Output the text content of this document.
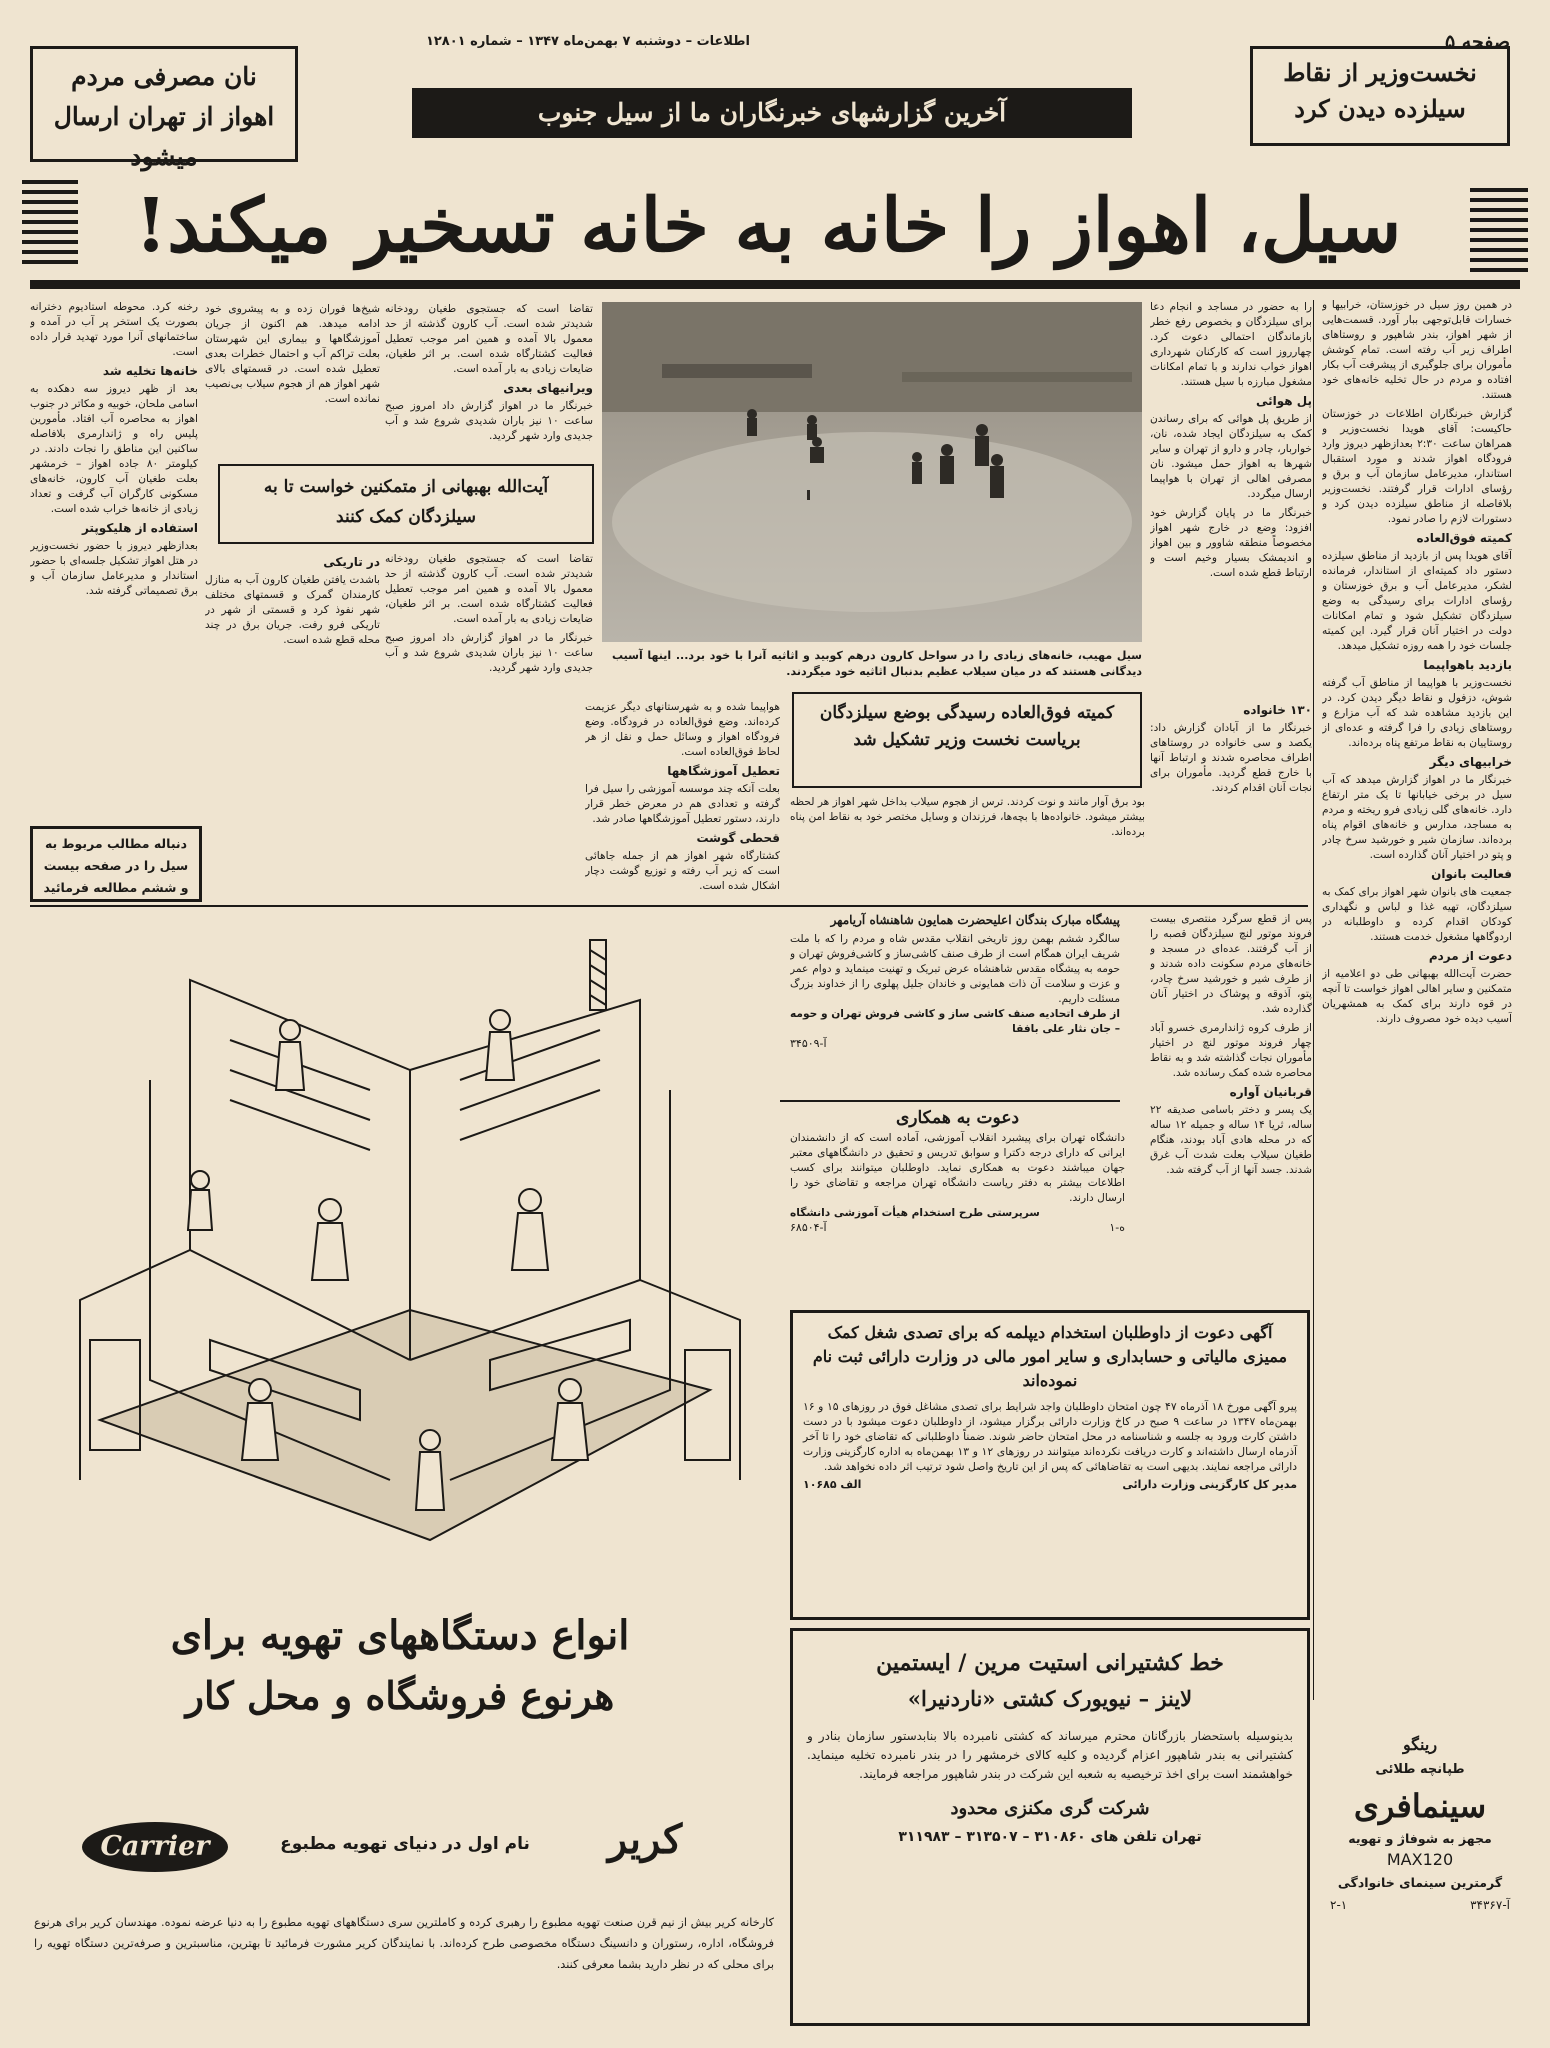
صفحه ۵
اطلاعات – دوشنبه ۷ بهمن‌ماه ۱۳۴۷ – شماره ۱۲۸۰۱
نخست‌وزیر از نقاط سیلزده دیدن کرد
نان مصرفی مردم اهواز از تهران ارسال میشود
آخرین گزارشهای خبرنگاران ما از سیل جنوب
سیل، اهواز را خانه به خانه تسخیر میکند!

در همین روز سیل در خوزستان، خرابیها و خسارات قابل‌توجهی ببار آورد. قسمت‌هایی از شهر اهواز، بندر شاهپور و روستاهای اطراف زیر آب رفته است. تمام کوشش مأموران برای جلوگیری از پیشرفت آب بکار افتاده و مردم در حال تخلیه خانه‌های خود هستند.

گزارش خبرنگاران اطلاعات در خوزستان حاکیست: آقای هویدا نخست‌وزیر و همراهان ساعت ۲:۳۰ بعدازظهر دیروز وارد فرودگاه اهواز شدند و مورد استقبال استاندار، مدیرعامل سازمان آب و برق و رؤسای ادارات قرار گرفتند. نخست‌وزیر بلافاصله از مناطق سیلزده دیدن کرد و دستورات لازم را صادر نمود.

کمیته فوق‌العاده

آقای هویدا پس از بازدید از مناطق سیلزده دستور داد کمیته‌ای از استاندار، فرمانده لشکر، مدیرعامل آب و برق خوزستان و رؤسای ادارات برای رسیدگی به وضع سیلزدگان تشکیل شود و تمام امکانات دولت در اختیار آنان قرار گیرد. این کمیته جلسات خود را همه روزه تشکیل میدهد.

بازدید باهواپیما

نخست‌وزیر با هواپیما از مناطق آب گرفته شوش، دزفول و نقاط دیگر دیدن کرد. در این بازدید مشاهده شد که آب مزارع و روستاهای زیادی را فرا گرفته و عده‌ای از روستاییان به نقاط مرتفع پناه برده‌اند.

خرابیهای دیگر

خبرنگار ما در اهواز گزارش میدهد که آب سیل در برخی خیابانها تا یک متر ارتفاع دارد. خانه‌های گلی زیادی فرو ریخته و مردم به مساجد، مدارس و خانه‌های اقوام پناه برده‌اند. سازمان شیر و خورشید سرخ چادر و پتو در اختیار آنان گذارده است.

فعالیت بانوان

جمعیت های بانوان شهر اهواز برای کمک به سیلزدگان، تهیه غذا و لباس و نگهداری کودکان اقدام کرده و داوطلبانه در اردوگاهها مشغول خدمت هستند.

دعوت از مردم

حضرت آیت‌الله بهبهانی طی دو اعلامیه از متمکنین و سایر اهالی اهواز خواست تا آنچه در قوه دارند برای کمک به همشهریان آسیب دیده خود مصروف دارند.

را به حضور در مساجد و انجام دعا برای سیلزدگان و بخصوص رفع خطر بازماندگان احتمالی دعوت کرد. چهارروز است که کارکنان شهرداری اهواز خواب ندارند و با تمام امکانات مشغول مبارزه با سیل هستند.

پل هوائی

از طریق پل هوائی که برای رساندن کمک به سیلزدگان ایجاد شده، نان، خواربار، چادر و دارو از تهران و سایر شهرها به اهواز حمل میشود. نان مصرفی اهالی از تهران با هواپیما ارسال میگردد.

خبرنگار ما در پایان گزارش خود افزود: وضع در خارج شهر اهواز مخصوصاً منطقه شاوور و بین اهواز و اندیمشک بسیار وخیم است و ارتباط قطع شده است.

سیل مهیب، خانه‌های زیادی را در سواحل کارون درهم کوبید و اثاثیه آنرا با خود برد... اینها آسیب دیدگانی هستند که در میان سیلاب عظیم بدنبال اثاثیه خود میگردند.

تقاضا است که جستجوی طغیان رودخانه شدیدتر شده است. آب کارون گذشته از حد معمول بالا آمده و همین امر موجب تعطیل فعالیت کشتارگاه شده است. بر اثر طغیان، ضایعات زیادی به بار آمده است.

ویرانیهای بعدی

خبرنگار ما در اهواز گزارش داد امروز صبح ساعت ۱۰ نیز باران شدیدی شروع شد و آب جدیدی وارد شهر گردید.

شیخ‌ها فوران زده و به پیشروی خود ادامه میدهد. هم اکنون از جریان آموزشگاهها و بیماری این شهرستان بعلت تراکم آب و احتمال خطرات بعدی تعطیل شده است. در قسمتهای بالای شهر اهواز هم از هجوم سیلاب بی‌نصیب نمانده است.

آیت‌الله بهبهانی از متمکنین خواست تا به سیلزدگان کمک کنند

تقاضا است که جستجوی طغیان رودخانه شدیدتر شده است. آب کارون گذشته از حد معمول بالا آمده و همین امر موجب تعطیل فعالیت کشتارگاه شده است. بر اثر طغیان، ضایعات زیادی به بار آمده است.

خبرنگار ما در اهواز گزارش داد امروز صبح ساعت ۱۰ نیز باران شدیدی شروع شد و آب جدیدی وارد شهر گردید.

در تاریکی

باشدت یافتن طغیان کارون آب به منازل کارمندان گمرک و قسمتهای مختلف شهر نفوذ کرد و قسمتی از شهر در تاریکی فرو رفت. جریان برق در چند محله قطع شده است.

رخنه کرد. محوطه استادیوم دخترانه بصورت یک استخر پر آب در آمده و ساختمانهای آنرا مورد تهدید قرار داده است.

خانه‌ها تخلیه شد

بعد از ظهر دیروز سه دهکده به اسامی ملحان، خوبیه و مکاتر در جنوب اهواز به محاصره آب افتاد. مأمورین پلیس راه و ژاندارمری بلافاصله ساکنین این مناطق را نجات دادند. در کیلومتر ۸۰ جاده اهواز – خرمشهر بعلت طغیان آب کارون، خانه‌های مسکونی کارگران آب گرفت و تعداد زیادی از خانه‌ها خراب شده است.

استفاده از هلیکوپتر

بعدازظهر دیروز با حضور نخست‌وزیر در هتل اهواز تشکیل جلسه‌ای با حضور استاندار و مدیرعامل سازمان آب و برق تصمیماتی گرفته شد.

دنباله مطالب مربوط به سیل را در صفحه بیست و ششم مطالعه فرمائید

هواپیما شده و به شهرستانهای دیگر عزیمت کرده‌اند. وضع فوق‌العاده در فرودگاه. وضع فرودگاه اهواز و وسائل حمل و نقل از هر لحاظ فوق‌العاده است.

تعطیل آموزشگاهها

بعلت آنکه چند موسسه آموزشی را سیل فرا گرفته و تعدادی هم در معرض خطر قرار دارند، دستور تعطیل آموزشگاهها صادر شد.

قحطی گوشت

کشتارگاه شهر اهواز هم از جمله جاهائی است که زیر آب رفته و توزیع گوشت دچار اشکال شده است.

کمیته فوق‌العاده رسیدگی بوضع سیلزدگان بریاست نخست وزیر تشکیل شد

بود برق آوار مانند و نوت کردند. ترس از هجوم سیلاب بداخل شهر اهواز هر لحظه بیشتر میشود. خانواده‌ها با بچه‌ها، فرزندان و وسایل مختصر خود به نقاط امن پناه برده‌اند.

۱۳۰ خانواده

خبرنگار ما از آبادان گزارش داد: یکصد و سی خانواده در روستاهای اطراف محاصره شدند و ارتباط آنها با خارج قطع گردید. مأموران برای نجات آنان اقدام کردند.

پیشگاه مبارک بندگان اعلیحضرت همایون شاهنشاه آریامهر

سالگرد ششم بهمن روز تاریخی انقلاب مقدس شاه و مردم را که با ملت شریف ایران همگام است از طرف صنف کاشی‌ساز و کاشی‌فروش تهران و حومه به پیشگاه مقدس شاهنشاه عرض تبریک و تهنیت مینماید و دوام عمر و عزت و سلامت آن ذات همایونی و خاندان جلیل پهلوی را از خداوند بزرگ مسئلت داریم.

از طرف اتحادیه صنف کاشی ساز و کاشی فروش تهران و حومه – جان نثار علی بافقا

آ-۳۴۵۰۹

پس از قطع سرگرد منتصری بیست فروند موتور لنچ سیلزدگان قصبه را از آب گرفتند. عده‌ای در مسجد و خانه‌های مردم سکونت داده شدند و از طرف شیر و خورشید سرخ چادر، پتو، آذوقه و پوشاک در اختیار آنان گذارده شد.

از طرف کروه ژاندارمری خسرو آباد چهار فروند موتور لنچ در اختیار مأموران نجات گذاشته شد و به نقاط محاصره شده کمک رسانده شد.

قربانیان آواره

یک پسر و دختر باسامی صدیقه ۲۲ ساله، ثریا ۱۴ ساله و جمیله ۱۲ ساله که در محله هادی آباد بودند، هنگام طغیان سیلاب بعلت شدت آب غرق شدند. جسد آنها از آب گرفته شد.

دعوت به همکاری

دانشگاه تهران برای پیشبرد انقلاب آموزشی، آماده است که از دانشمندان ایرانی که دارای درجه دکترا و سوابق تدریس و تحقیق در دانشگاههای معتبر جهان میباشند دعوت به همکاری نماید. داوطلبان میتوانند برای کسب اطلاعات بیشتر به دفتر ریاست دانشگاه تهران مراجعه و تقاضای خود را ارسال دارند.

سرپرستی طرح استخدام هیأت آموزشی دانشگاه

ه-۱
آ-۶۸۵۰۴
آگهی دعوت از داوطلبان استخدام دیپلمه که برای تصدی شغل کمک ممیزی مالیاتی و حسابداری و سایر امور مالی در وزارت دارائی ثبت نام نموده‌اند

پیرو آگهی مورخ ۱۸ آذرماه ۴۷ چون امتحان داوطلبان واجد شرایط برای تصدی مشاغل فوق در روزهای ۱۵ و ۱۶ بهمن‌ماه ۱۳۴۷ در ساعت ۹ صبح در کاخ وزارت دارائی برگزار میشود، از داوطلبان دعوت میشود با در دست داشتن کارت ورود به جلسه و شناسنامه در محل امتحان حاضر شوند. ضمناً داوطلبانی که تقاضای خود را تا آخر آذرماه ارسال داشته‌اند و کارت دریافت نکرده‌اند میتوانند در روزهای ۱۲ و ۱۳ بهمن‌ماه به اداره کارگزینی وزارت دارائی مراجعه نمایند. بدیهی است به تقاضاهائی که پس از این تاریخ واصل شود ترتیب اثر داده نخواهد شد.

مدیر کل کارگزینی وزارت دارائی
الف ۱۰۶۸۵
خط کشتیرانی استیت مرین / ایستمین
لاینز – نیویورک کشتی «ناردنیرا»

بدینوسیله باستحضار بازرگانان محترم میرساند که کشتی نامبرده بالا بنابدستور سازمان بنادر و کشتیرانی به بندر شاهپور اعزام گردیده و کلیه کالای خرمشهر را در بندر نامبرده تخلیه مینماید. خواهشمند است برای اخذ ترخیصیه به شعبه این شرکت در بندر شاهپور مراجعه فرمایند.

شرکت گری مکنزی محدود
تهران تلفن های ۳۱۰۸۶۰ – ۳۱۳۵۰۷ – ۳۱۱۹۸۳
رینگو
طپانچه طلائی
سینمافری
مجهز به شوفاژ و تهویه
MAX120
گرمترین سینمای خانوادگی
آ-۳۴۳۶۷
۲-۱
انواع دستگاههای تهویه برای
هرنوع فروشگاه و محل کار
Carrier	کریر
نام اول در دنیای تهویه مطبوع
کارخانه کریر بیش از نیم قرن صنعت تهویه مطبوع را رهبری کرده و کاملترین سری دستگاههای تهویه مطبوع را به دنیا عرضه نموده. مهندسان کریر برای هرنوع فروشگاه، اداره، رستوران و دانسینگ دستگاه مخصوصی طرح کرده‌اند. با نمایندگان کریر مشورت فرمائید تا بهترین، مناسبترین و صرفه‌ترین دستگاه تهویه را برای محلی که در نظر دارید بشما معرفی کنند.
